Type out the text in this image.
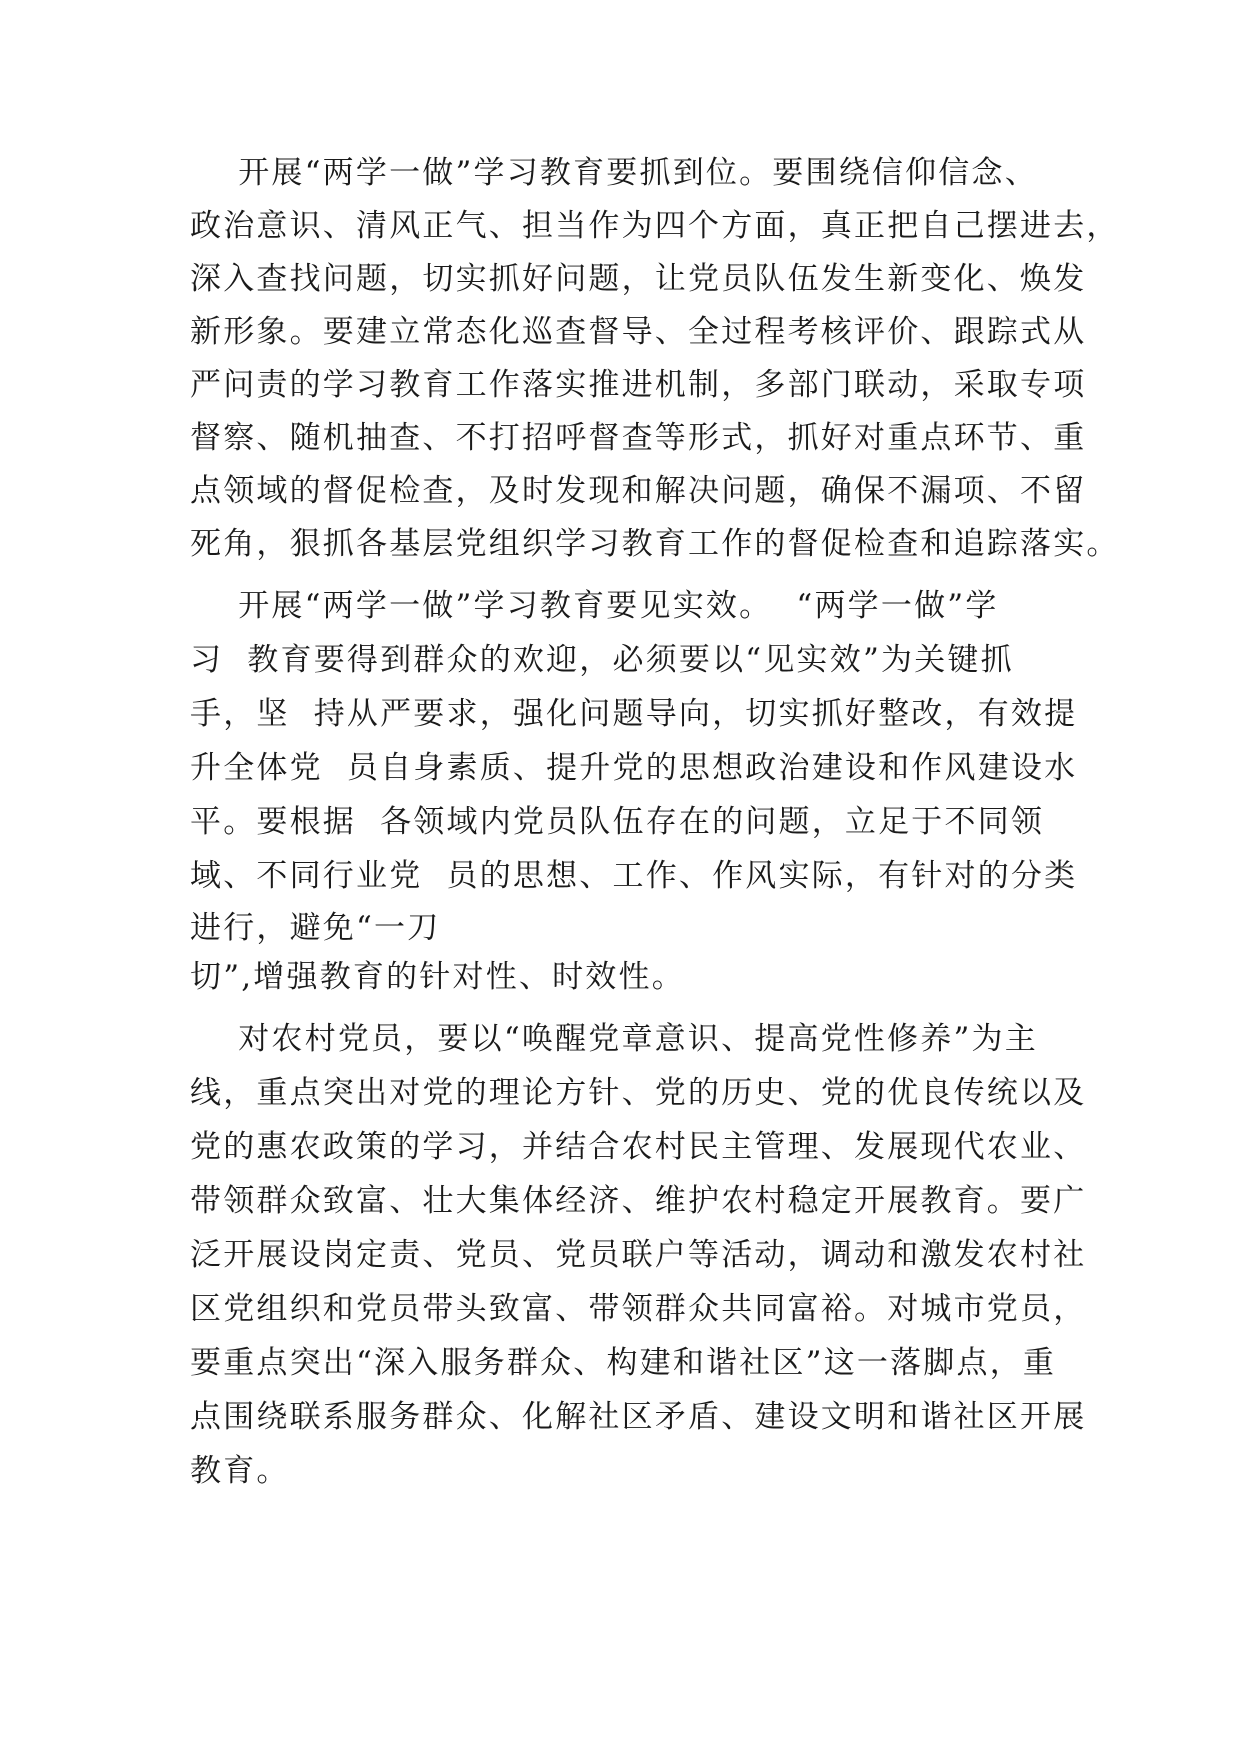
开展“两学一做”学习教育要抓到位。要围绕信仰信念、
政治意识、清风正气、担当作为四个方面，真正把自己摆进去，
深入查找问题，切实抓好问题，让党员队伍发生新变化、焕发
新形象。要建立常态化巡查督导、全过程考核评价、跟踪式从
严问责的学习教育工作落实推进机制，多部门联动，采取专项
督察、随机抽查、不打招呼督查等形式，抓好对重点环节、重
点领域的督促检查，及时发现和解决问题，确保不漏项、不留
死角，狠抓各基层党组织学习教育工作的督促检查和追踪落实。
开展“两学一做”学习教育要见实效。  “两学一做”学
习  教育要得到群众的欢迎，必须要以“见实效”为关键抓
手，坚  持从严要求，强化问题导向，切实抓好整改，有效提
升全体党  员自身素质、提升党的思想政治建设和作风建设水
平。要根据  各领域内党员队伍存在的问题，立足于不同领
域、不同行业党  员的思想、工作、作风实际，有针对的分类
进行，避免“一刀
切”,增强教育的针对性、时效性。
对农村党员，要以“唤醒党章意识、提高党性修养”为主
线，重点突出对党的理论方针、党的历史、党的优良传统以及
党的惠农政策的学习，并结合农村民主管理、发展现代农业、
带领群众致富、壮大集体经济、维护农村稳定开展教育。要广
泛开展设岗定责、党员、党员联户等活动，调动和激发农村社
区党组织和党员带头致富、带领群众共同富裕。对城市党员，
要重点突出“深入服务群众、构建和谐社区”这一落脚点，重
点围绕联系服务群众、化解社区矛盾、建设文明和谐社区开展
教育。
